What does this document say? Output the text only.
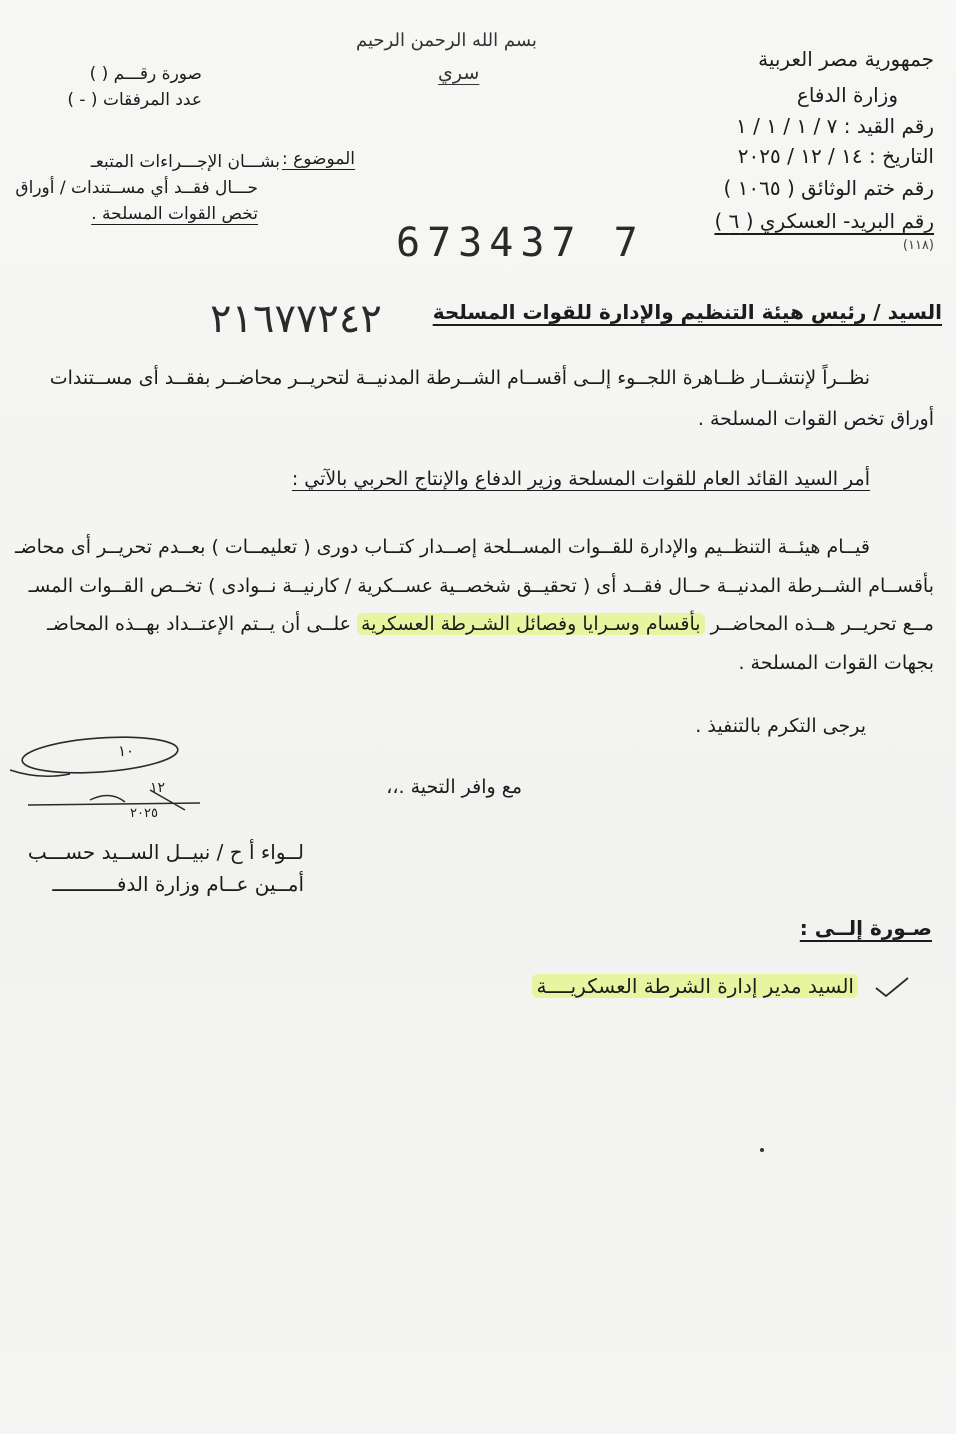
بسم الله الرحمن الرحيم
سري
جمهورية مصر العربية
وزارة الدفاع
رقم القيد : ٧ / ١ / ١ / ١
التاريخ : ١٤ / ١٢ / ٢٠٢٥
رقم ختم الوثائق ( ١٠٦٥ )
رقم البريد- العسكري ( ٦ )
(١١٨)
صورة رقـــم ( )
عدد المرفقات ( - )
الموضوع :
بشـــان الإجـــراءات المتبعـ
حـــال فقــد أي مســتندات / أوراق
تخص القوات المسلحة .
673437 7
٢١٦٧٧٢٤٢	السيد / رئيس هيئة التنظيم والإدارة للقوات المسلحة
نظــراً لإنتشــار ظــاهرة اللجــوء إلــى أقســام الشــرطة المدنيــة لتحريــر محاضــر بفقــد أى مســتندات
أوراق تخص القوات المسلحة .
أمر السيد القائد العام للقوات المسلحة وزير الدفاع والإنتاج الحربي بالآتي :
قيــام هيئــة التنظــيم والإدارة للقــوات المســلحة إصــدار كتــاب دورى ( تعليمــات ) بعــدم تحريــر أى محاضـ
بأقســام الشــرطة المدنيــة حــال فقــد أى ( تحقيــق شخصــية عســكرية / كارنيــة نــوادى ) تخــص القــوات المسـ
مــع تحريــر هــذه المحاضــر بأقسام وسـرايا وفصائل الشـرطة العسكرية علــى أن يــتم الإعتــداد بهــذه المحاضـ
بجهات القوات المسلحة .
يرجى التكرم بالتنفيذ .
مع وافر التحية .،،
١٠
١٢
٢٠٢٥
لــواء أ ح / نبيــل الســيد حســـب
أمــين عــام وزارة الدفـــــــــــ
صـورة إلــى :
السيد مدير إدارة الشرطة العسكريــــة
